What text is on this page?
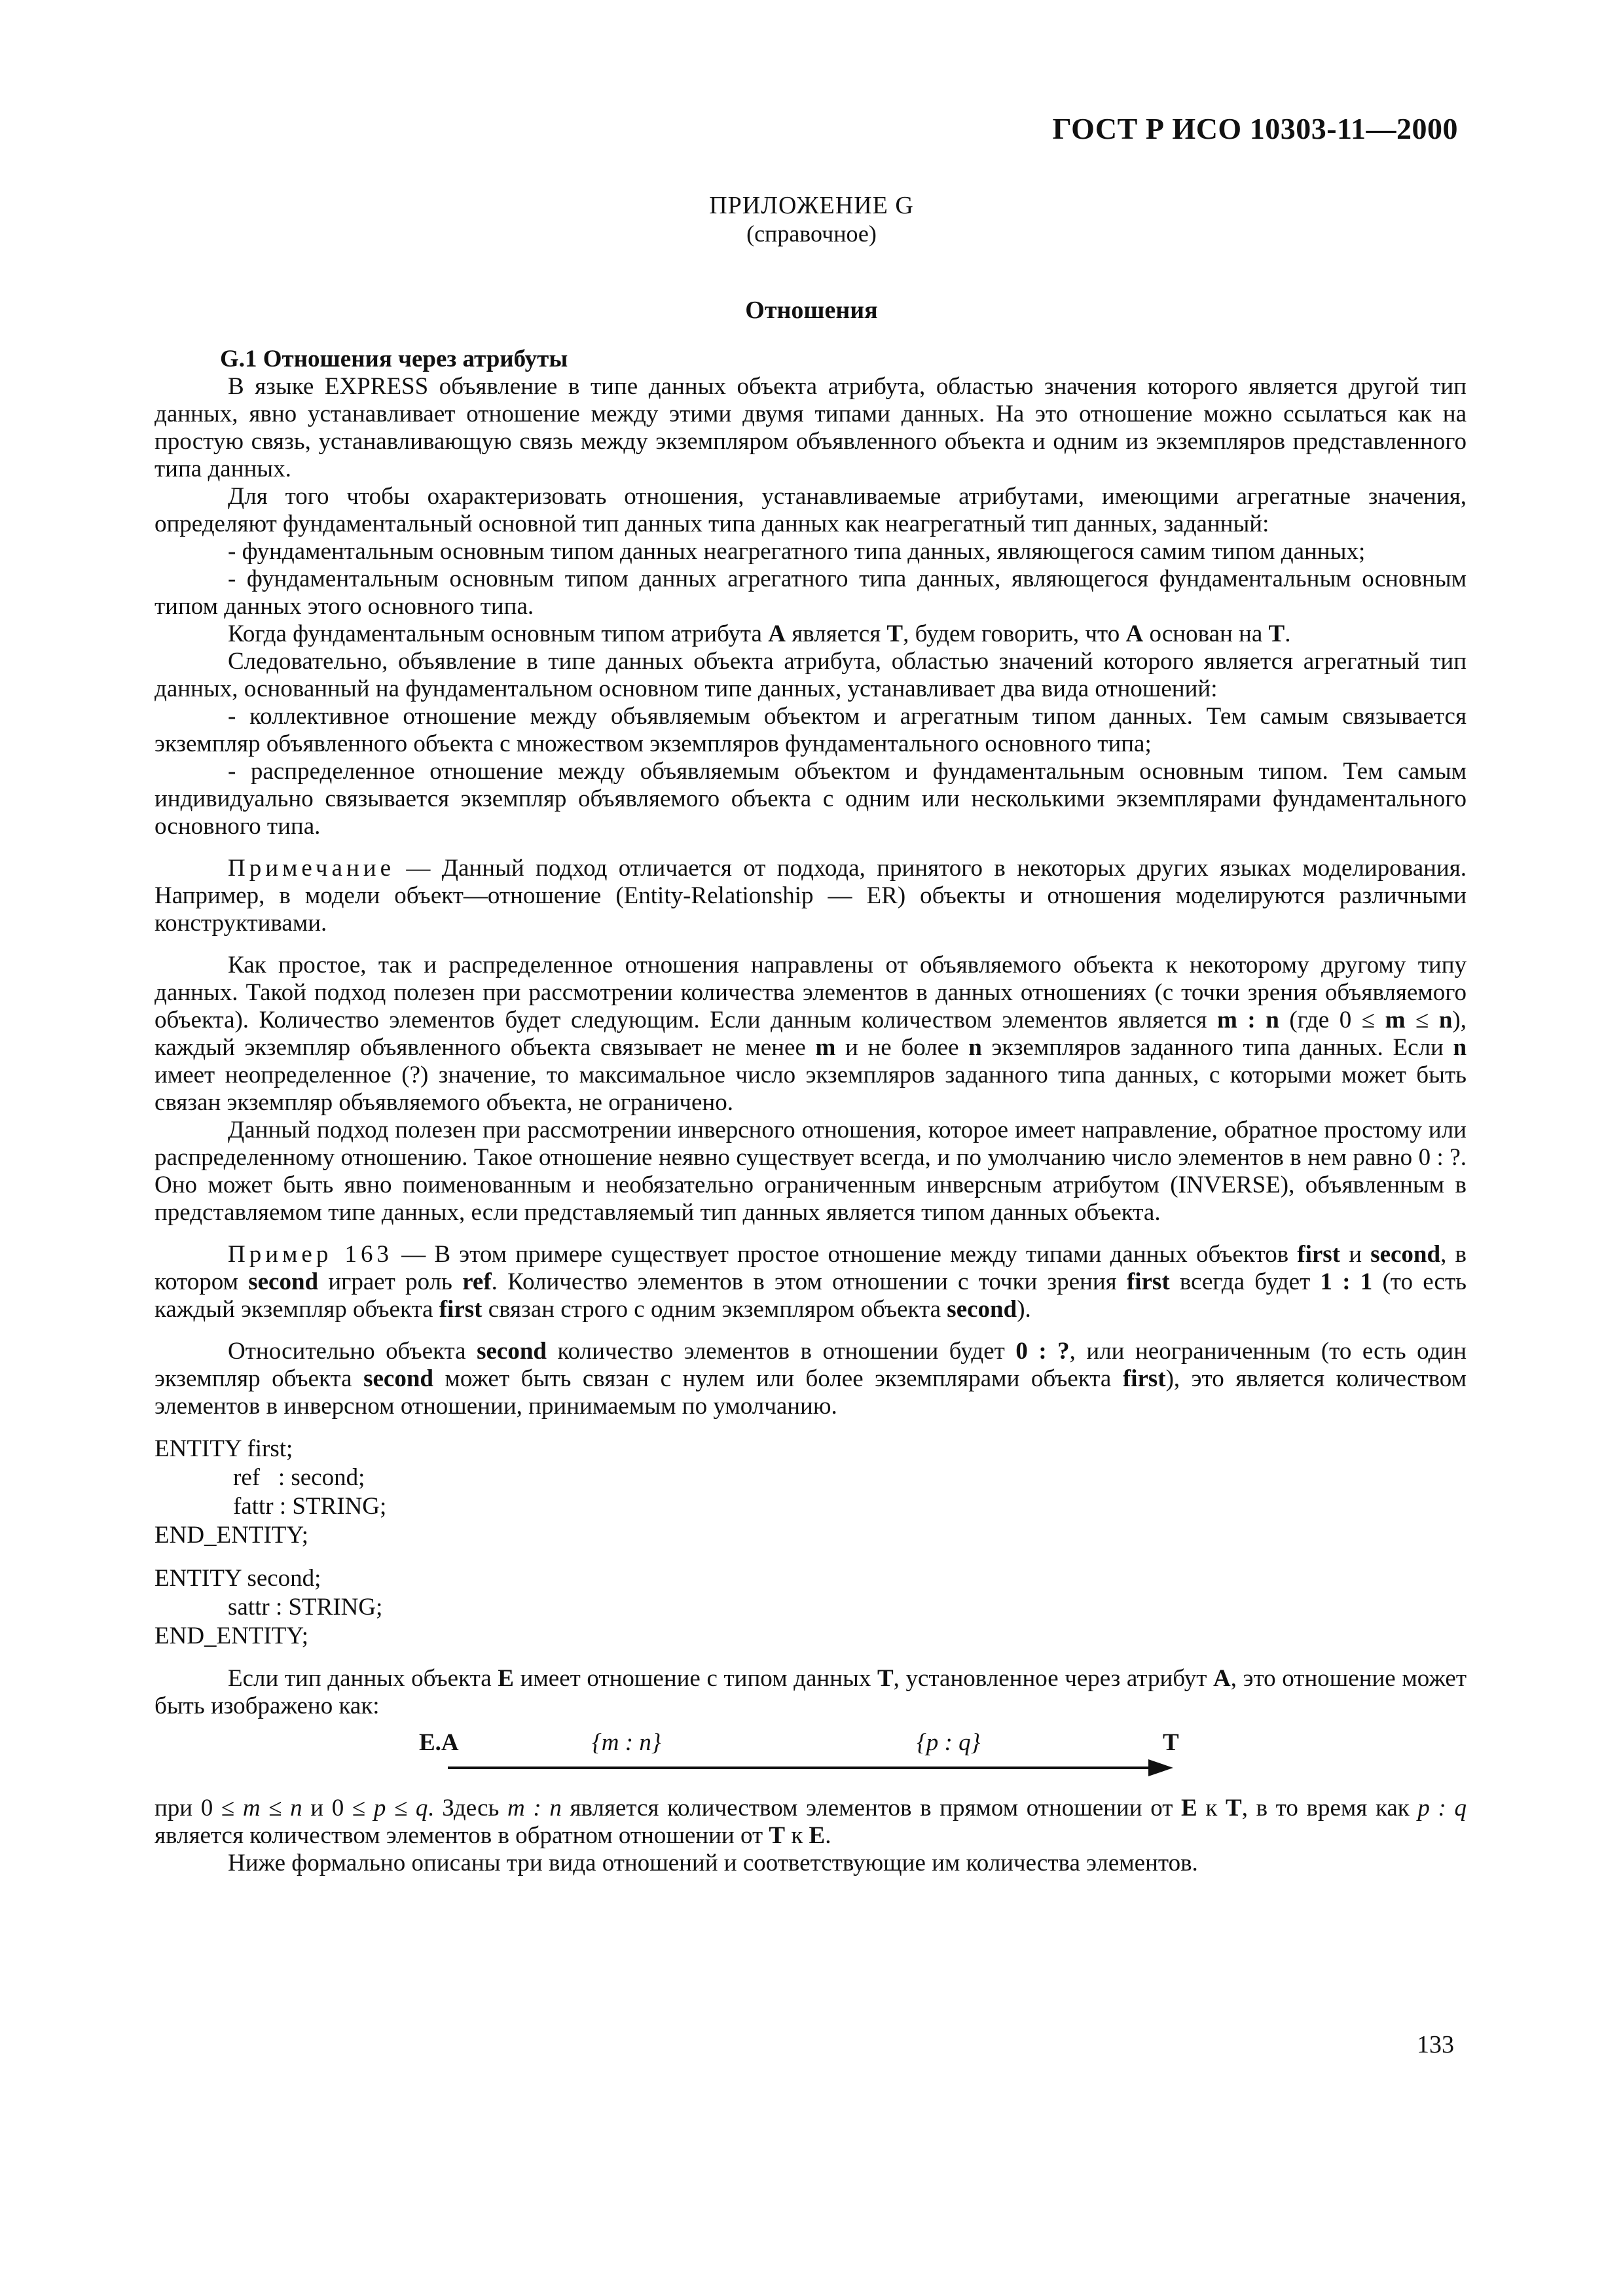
ГОСТ Р ИСО 10303-11—2000
ПРИЛОЖЕНИЕ G
(справочное)
Отношения

G.1 Отношения через атрибуты

В языке EXPRESS объявление в типе данных объекта атрибута, областью значения которого является другой тип данных, явно устанавливает отношение между этими двумя типами данных. На это отношение можно ссылаться как на простую связь, устанавливающую связь между экземпляром объявленного объекта и одним из экземпляров представленного типа данных.

Для того чтобы охарактеризовать отношения, устанавливаемые атрибутами, имеющими агрегатные значения, определяют фундаментальный основной тип данных типа данных как неагрегатный тип данных, заданный:

- фундаментальным основным типом данных неагрегатного типа данных, являющегося самим типом данных;

- фундаментальным основным типом данных агрегатного типа данных, являющегося фундаментальным основным типом данных этого основного типа.

Когда фундаментальным основным типом атрибута A является T, будем говорить, что A основан на T.

Следовательно, объявление в типе данных объекта атрибута, областью значений которого является агрегатный тип данных, основанный на фундаментальном основном типе данных, устанавливает два вида отношений:

- коллективное отношение между объявляемым объектом и агрегатным типом данных. Тем самым связывается экземпляр объявленного объекта с множеством экземпляров фундаментального основного типа;

- распределенное отношение между объявляемым объектом и фундаментальным основным типом. Тем самым индивидуально связывается экземпляр объявляемого объекта с одним или несколькими экземплярами фундаментального основного типа.

Примечание — Данный подход отличается от подхода, принятого в некоторых других языках моделирования. Например, в модели объект—отношение (Entity-Relationship — ER) объекты и отношения моделируются различными конструктивами.

Как простое, так и распределенное отношения направлены от объявляемого объекта к некоторому другому типу данных. Такой подход полезен при рассмотрении количества элементов в данных отношениях (с точки зрения объявляемого объекта). Количество элементов будет следующим. Если данным количеством элементов является m : n (где 0 ≤ m ≤ n), каждый экземпляр объявленного объекта связывает не менее m и не более n экземпляров заданного типа данных. Если n имеет неопределенное (?) значение, то максимальное число экземпляров заданного типа данных, с которыми может быть связан экземпляр объявляемого объекта, не ограничено.

Данный подход полезен при рассмотрении инверсного отношения, которое имеет направление, обратное простому или распределенному отношению. Такое отношение неявно существует всегда, и по умолчанию число элементов в нем равно 0 : ?. Оно может быть явно поименованным и необязательно ограниченным инверсным атрибутом (INVERSE), объявленным в представляемом типе данных, если представляемый тип данных является типом данных объекта.

Пример 163 — В этом примере существует простое отношение между типами данных объектов first и second, в котором second играет роль ref. Количество элементов в этом отношении с точки зрения first всегда будет 1 : 1 (то есть каждый экземпляр объекта first связан строго с одним экземпляром объекта second).

Относительно объекта second количество элементов в отношении будет 0 : ?, или неограниченным (то есть один экземпляр объекта second может быть связан с нулем или более экземплярами объекта first), это является количеством элементов в инверсном отношении, принимаемым по умолчанию.

ENTITY first;
ref   : second;
fattr : STRING;
END_ENTITY;
ENTITY second;
sattr : STRING;
END_ENTITY;

Если тип данных объекта E имеет отношение с типом данных T, установленное через атрибут A, это отношение может быть изображено как:

E.A	{m : n}	{p : q}	T

при 0 ≤ m ≤ n и 0 ≤ p ≤ q. Здесь m : n является количеством элементов в прямом отношении от E к T, в то время как p : q является количеством элементов в обратном отношении от T к E.

Ниже формально описаны три вида отношений и соответствующие им количества элементов.

133
